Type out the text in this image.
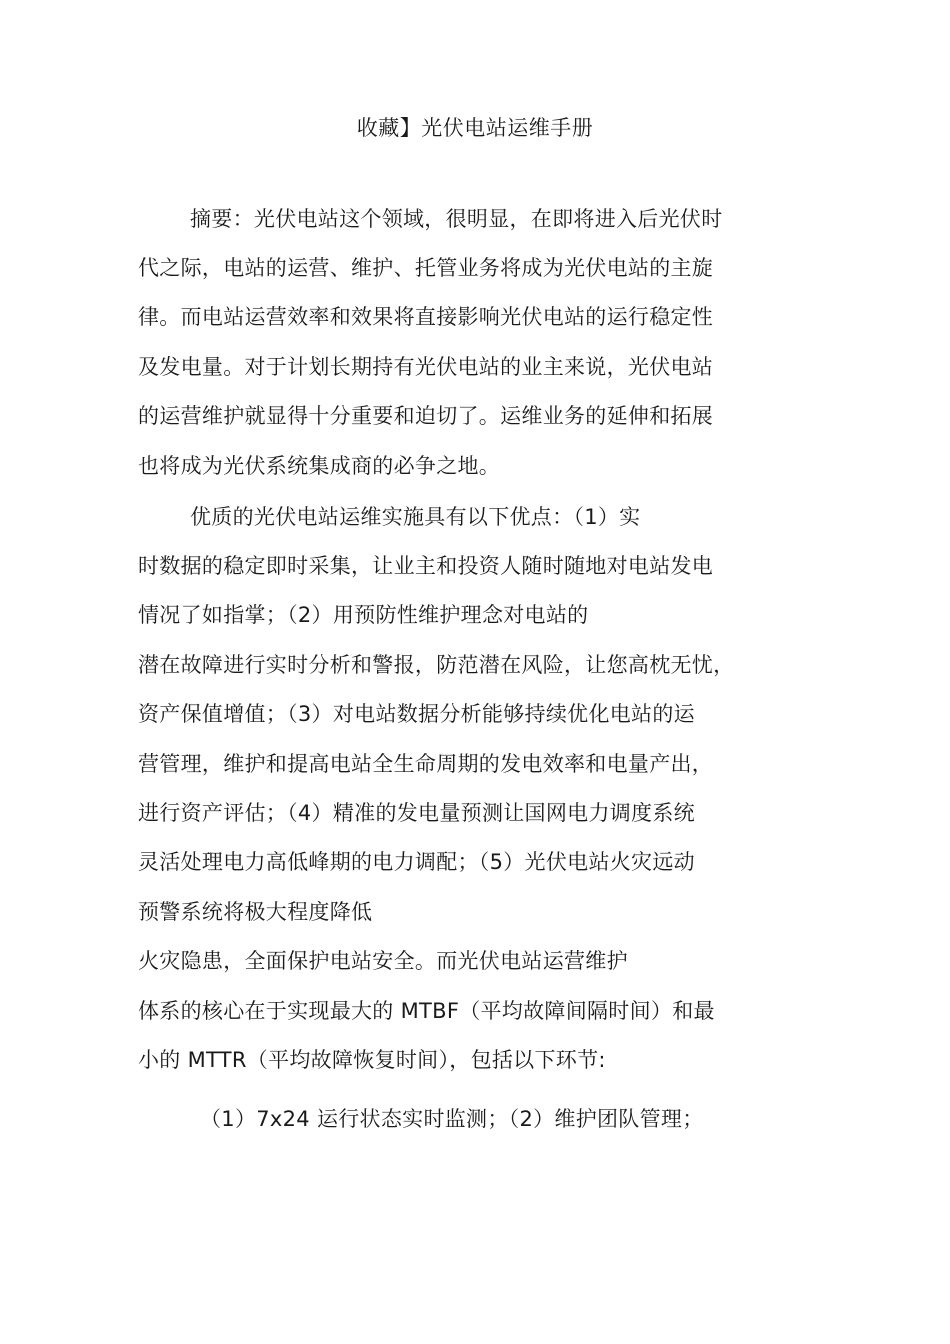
收藏】光伏电站运维手册
摘要：光伏电站这个领域，很明显，在即将进入后光伏时
代之际，电站的运营、维护、托管业务将成为光伏电站的主旋
律。而电站运营效率和效果将直接影响光伏电站的运行稳定性
及发电量。对于计划长期持有光伏电站的业主来说，光伏电站
的运营维护就显得十分重要和迫切了。运维业务的延伸和拓展
也将成为光伏系统集成商的必争之地。
优质的光伏电站运维实施具有以下优点：（1）实
时数据的稳定即时采集，让业主和投资人随时随地对电站发电
情况了如指掌；（2）用预防性维护理念对电站的
潜在故障进行实时分析和警报，防范潜在风险，让您高枕无忧，
资产保值增值；（3）对电站数据分析能够持续优化电站的运
营管理，维护和提高电站全生命周期的发电效率和电量产出，
进行资产评估；（4）精准的发电量预测让国网电力调度系统
灵活处理电力高低峰期的电力调配；（5）光伏电站火灾远动
预警系统将极大程度降低
火灾隐患，全面保护电站安全。而光伏电站运营维护
体系的核心在于实现最大的 MTBF（平均故障间隔时间）和最
小的 MTTR（平均故障恢复时间），包括以下环节:
（1）7x24 运行状态实时监测；（2）维护团队管理；
